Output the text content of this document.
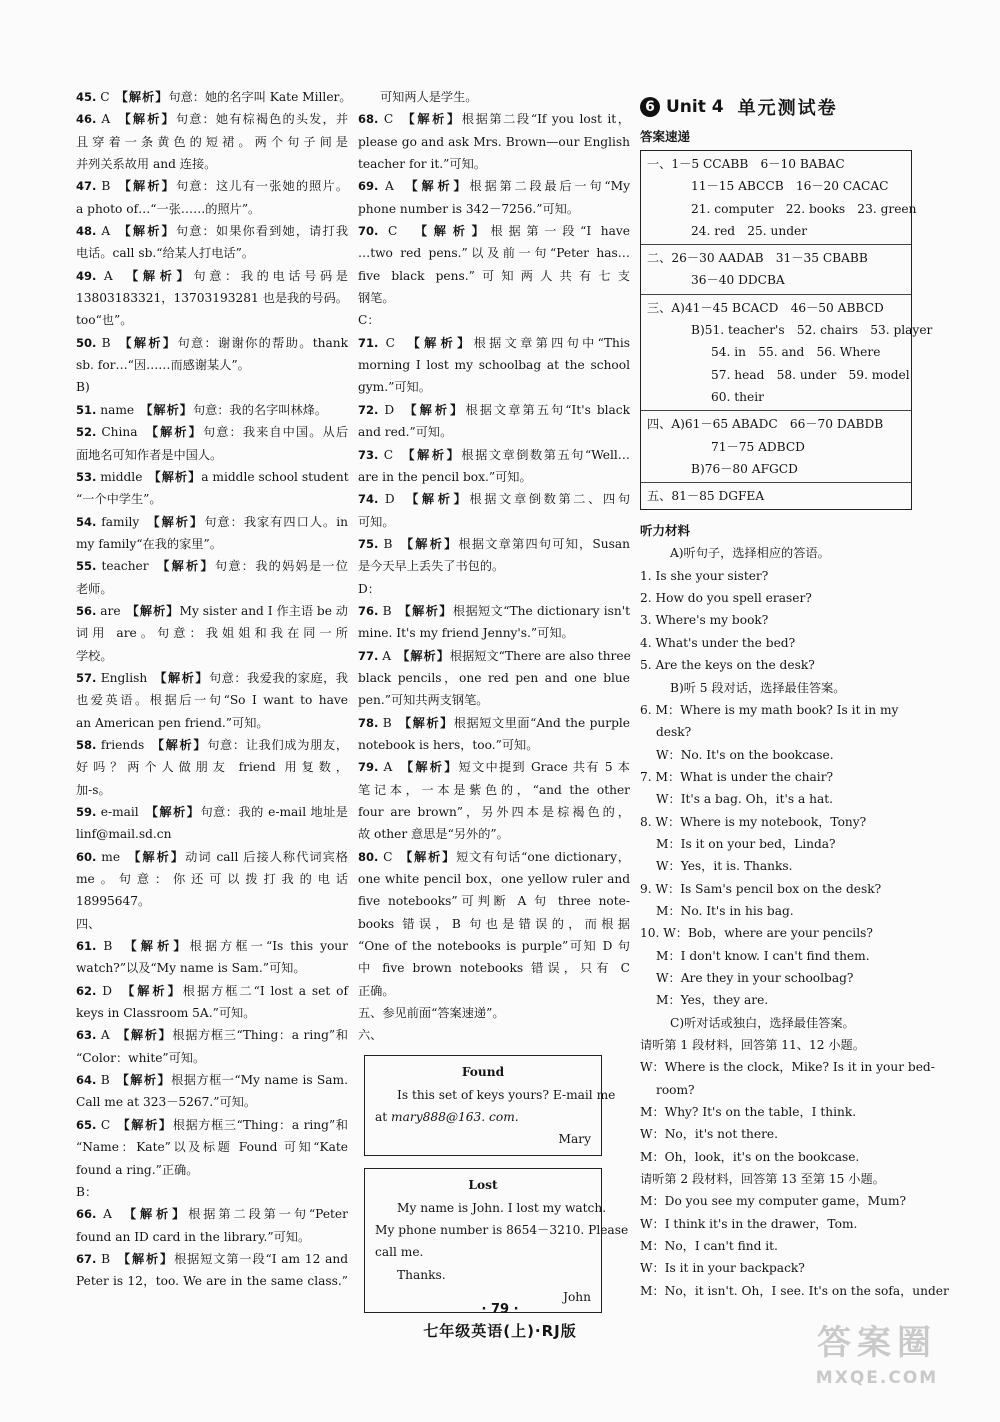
45. C　【解析】句意：她的名字叫 Kate Miller。
46. A　【解析】句意：她有棕褐色的头发，并
且穿着一条黄色的短裙。两个句子间是
并列关系故用 and 连接。
47. B　【解析】句意：这儿有一张她的照片。
a photo of…“一张……的照片”。
48. A　【解析】句意：如果你看到她，请打我
电话。call sb.“给某人打电话”。
49. A　【解析】句意：我的电话号码是
13803183321，13703193281 也是我的号码。
too“也”。
50. B　【解析】句意：谢谢你的帮助。thank
sb. for…“因……而感谢某人”。
B)
51. name　【解析】句意：我的名字叫林烽。
52. China　【解析】句意：我来自中国。从后
面地名可知作者是中国人。
53. middle　【解析】a middle school student
“一个中学生”。
54. family　【解析】句意：我家有四口人。in
my family“在我的家里”。
55. teacher　【解析】句意：我的妈妈是一位
老师。
56. are　【解析】My sister and I 作主语 be 动
词用 are。句意：我姐姐和我在同一所
学校。
57. English　【解析】句意：我爱我的家庭，我
也爱英语。根据后一句“So I want to have
an American pen friend.”可知。
58. friends　【解析】句意：让我们成为朋友，
好吗？两个人做朋友 friend 用复数，
加-s。
59. e-mail　【解析】句意：我的 e-mail 地址是
linf@mail.sd.cn
60. me　【解析】动词 call 后接人称代词宾格
me。句意：你还可以拨打我的电话
18995647。
四、
61. B　【解析】根据方框一“Is this your
watch?”以及“My name is Sam.”可知。
62. D　【解析】根据方框二“I lost a set of
keys in Classroom 5A.”可知。
63. A　【解析】根据方框三“Thing：a ring”和
“Color：white”可知。
64. B　【解析】根据方框一“My name is Sam.
Call me at 323－5267.”可知。
65. C　【解析】根据方框三“Thing：a ring”和
“Name：Kate”以及标题 Found 可知“Kate
found a ring.”正确。
B：
66. A　【解析】根据第二段第一句“Peter
found an ID card in the library.”可知。
67. B　【解析】根据短文第一段“I am 12 and
Peter is 12，too. We are in the same class.”
可知两人是学生。
68. C　【解析】根据第二段“If you lost it，
please go and ask Mrs. Brown—our English
teacher for it.”可知。
69. A　【解析】根据第二段最后一句“My
phone number is 342－7256.”可知。
70. C　【解析】根据第一段“I have
…two red pens.”以及前一句“Peter has…
five black pens.”可知两人共有七支
钢笔。
C：
71. C　【解析】根据文章第四句中“This
morning I lost my schoolbag at the school
gym.”可知。
72. D　【解析】根据文章第五句“It's black
and red.”可知。
73. C　【解析】根据文章倒数第五句“Well…
are in the pencil box.”可知。
74. D　【解析】根据文章倒数第二、四句
可知。
75. B　【解析】根据文章第四句可知，Susan
是今天早上丢失了书包的。
D：
76. B　【解析】根据短文“The dictionary isn't
mine. It's my friend Jenny's.”可知。
77. A　【解析】根据短文“There are also three
black pencils，one red pen and one blue
pen.”可知共两支钢笔。
78. B　【解析】根据短文里面“And the purple
notebook is hers，too.”可知。
79. A　【解析】短文中提到 Grace 共有 5 本
笔记本，一本是紫色的，“and the other
four are brown”，另外四本是棕褐色的，
故 other 意思是“另外的”。
80. C　【解析】短文有句话“one dictionary，
one white pencil box，one yellow ruler and
five notebooks”可判断 A 句 three note-
books 错误，B 句也是错误的，而根据
“One of the notebooks is purple”可知 D 句
中 five brown notebooks 错误，只有 C
正确。
五、参见前面“答案速递”。
六、
Found
Is this set of keys yours? E-mail me
at mary888@163. com.
Mary
Lost
My name is John. I lost my watch.
My phone number is 8654－3210. Please
call me.
Thanks.
John
6 Unit 4 单元测试卷
答案速递
一、1－5 CCABB　6－10 BABAC
11－15 ABCCB　16－20 CACAC
21. computer　22. books　23. green
24. red　25. under
二、26－30 AADAB　31－35 CBABB
36－40 DDCBA
三、A)41－45 BCACD　46－50 ABBCD
B)51. teacher's　52. chairs　53. player
54. in　55. and　56. Where
57. head　58. under　59. model
60. their
四、A)61－65 ABADC　66－70 DABDB
71－75 ADBCD
B)76－80 AFGCD
五、81－85 DGFEA
听力材料
A)听句子，选择相应的答语。
1. Is she your sister?
2. How do you spell eraser?
3. Where's my book?
4. What's under the bed?
5. Are the keys on the desk?
B)听 5 段对话，选择最佳答案。
6. M：Where is my math book? Is it in my
desk?
W：No. It's on the bookcase.
7. M：What is under the chair?
W：It's a bag. Oh，it's a hat.
8. W：Where is my notebook，Tony?
M：Is it on your bed，Linda?
W：Yes，it is. Thanks.
9. W：Is Sam's pencil box on the desk?
M：No. It's in his bag.
10. W：Bob，where are your pencils?
M：I don't know. I can't find them.
W：Are they in your schoolbag?
M：Yes，they are.
C)听对话或独白，选择最佳答案。
请听第 1 段材料，回答第 11、12 小题。
W：Where is the clock，Mike? Is it in your bed-
room?
M：Why? It's on the table，I think.
W：No，it's not there.
M：Oh，look，it's on the bookcase.
请听第 2 段材料，回答第 13 至第 15 小题。
M：Do you see my computer game，Mum?
W：I think it's in the drawer，Tom.
M：No，I can't find it.
W：Is it in your backpack?
M：No，it isn't. Oh，I see. It's on the sofa，under
· 79 ·
七年级英语(上)·RJ版	答案圈
MXQE.COM
